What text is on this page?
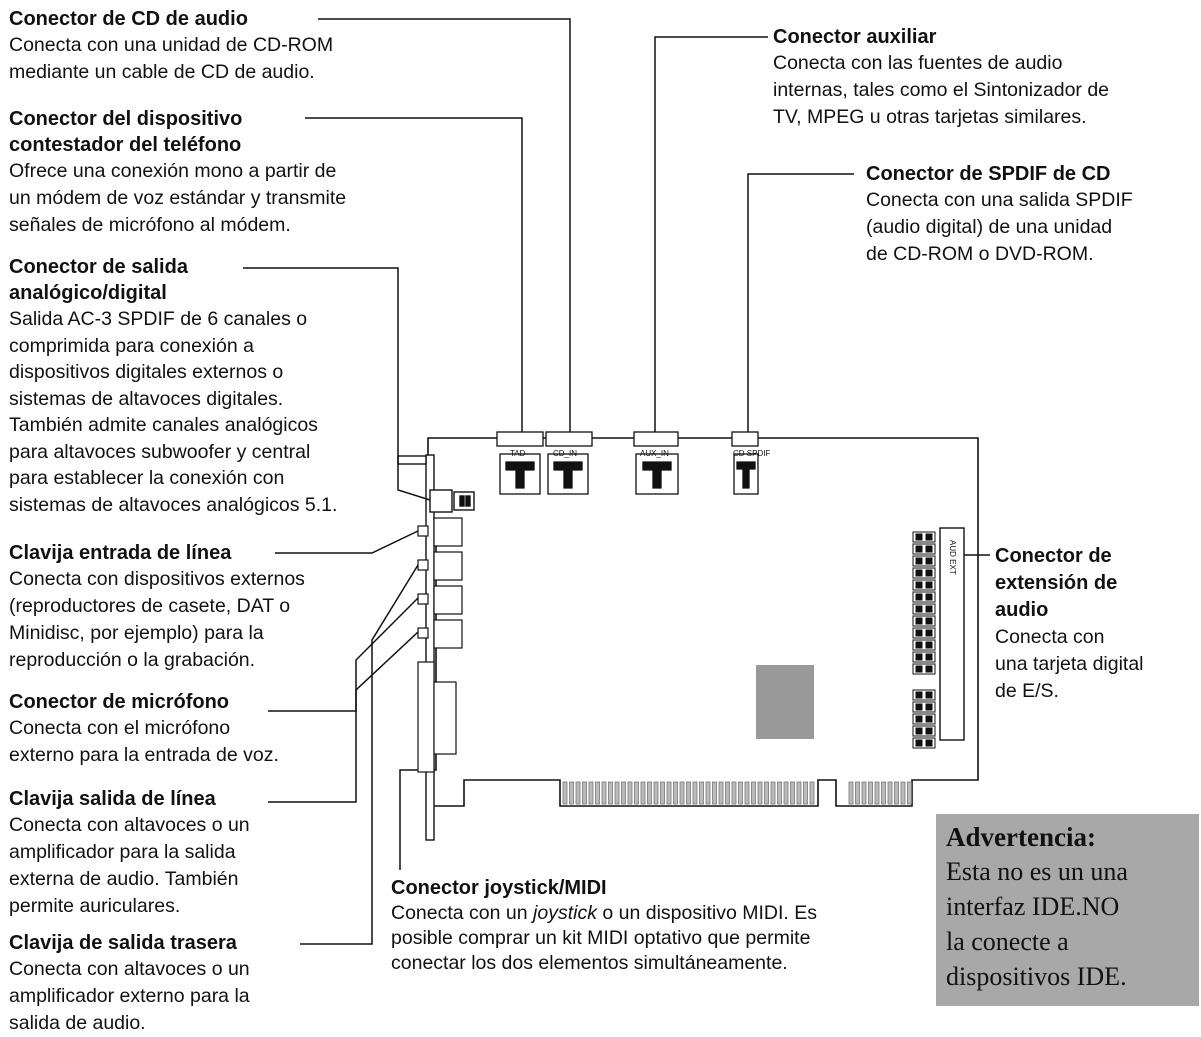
TAD	CD_IN	AUX_IN	CD SPDIF
AUD EXT

Conector de CD de audio

Conecta con una unidad de CD-ROM

mediante un cable de CD de audio.

Conector del dispositivo

contestador del teléfono

Ofrece una conexión mono a partir de

un módem de voz estándar y transmite

señales de micrófono al módem.

Conector de salida

analógico/digital

Salida AC-3 SPDIF de 6 canales o

comprimida para conexión a

dispositivos digitales externos o

sistemas de altavoces digitales.

También admite canales analógicos

para altavoces subwoofer y central

para establecer la conexión con

sistemas de altavoces analógicos 5.1.

Clavija entrada de línea

Conecta con dispositivos externos

(reproductores de casete, DAT o

Minidisc, por ejemplo) para la

reproducción o la grabación.

Conector de micrófono

Conecta con el micrófono

externo para la entrada de voz.

Clavija salida de línea

Conecta con altavoces o un

amplificador para la salida

externa de audio. También

permite auriculares.

Clavija de salida trasera

Conecta con altavoces o un

amplificador externo para la

salida de audio.

Conector auxiliar

Conecta con las fuentes de audio

internas, tales como el Sintonizador de

TV, MPEG u otras tarjetas similares.

Conector de SPDIF de CD

Conecta con una salida SPDIF

(audio digital) de una unidad

de CD-ROM o DVD-ROM.

Conector de

extensión de

audio

Conecta con

una tarjeta digital

de E/S.

Conector joystick/MIDI

Conecta con un joystick o un dispositivo MIDI. Es

posible comprar un kit MIDI optativo que permite

conectar los dos elementos simultáneamente.

Advertencia:
Esta no es un una
interfaz IDE.NO
la conecte a
dispositivos IDE.
